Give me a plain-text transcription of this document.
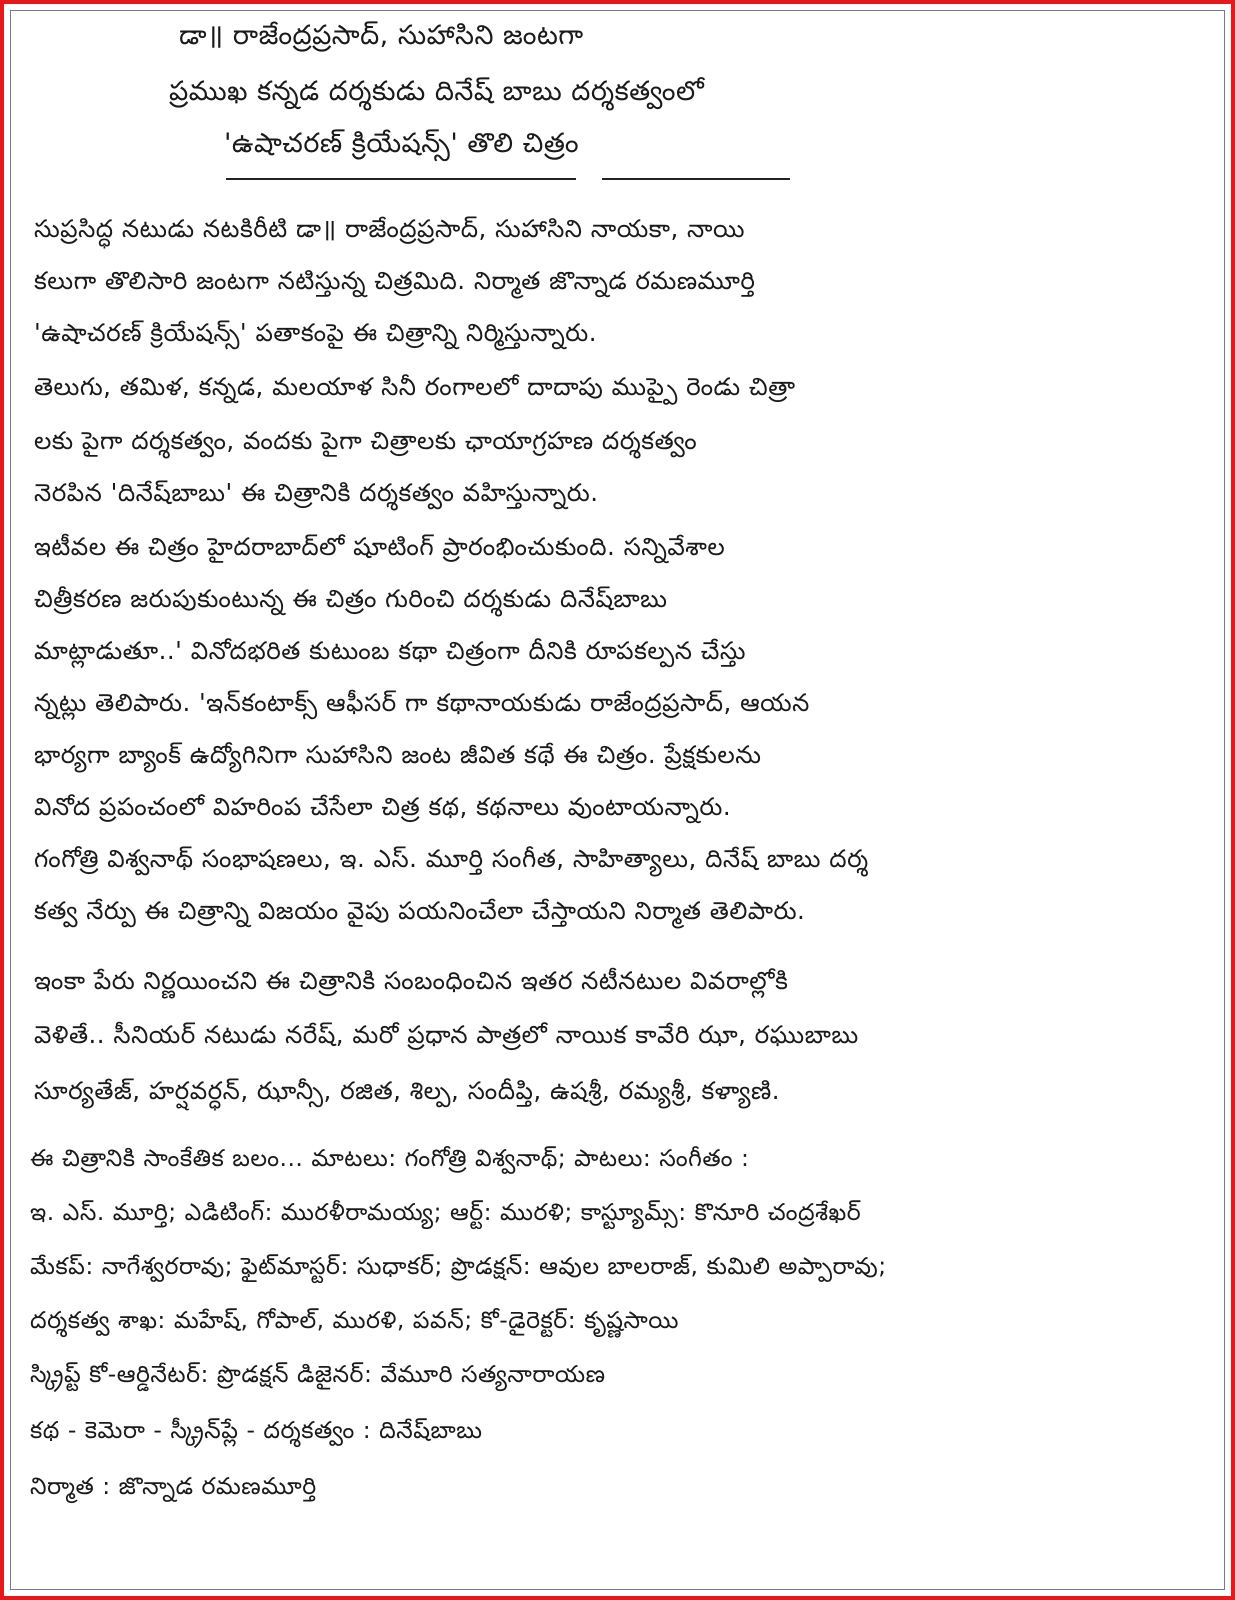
డా॥ రాజేంద్రప్రసాద్, సుహాసిని జంటగా
ప్రముఖ కన్నడ దర్శకుడు దినేష్ బాబు దర్శకత్వంలో
'ఉషాచరణ్ క్రియేషన్స్' తొలి చిత్రం
సుప్రసిద్ధ నటుడు నటకిరీటి డా॥ రాజేంద్రప్రసాద్, సుహాసిని నాయకా, నాయి
కలుగా తొలిసారి జంటగా నటిస్తున్న చిత్రమిది. నిర్మాత జొన్నాడ రమణమూర్తి
'ఉషాచరణ్ క్రియేషన్స్' పతాకంపై ఈ చిత్రాన్ని నిర్మిస్తున్నారు.
తెలుగు, తమిళ, కన్నడ, మలయాళ సినీ రంగాలలో దాదాపు ముప్పై రెండు చిత్రా
లకు పైగా దర్శకత్వం, వందకు పైగా చిత్రాలకు ఛాయాగ్రహణ దర్శకత్వం
నెరపిన 'దినేష్‌బాబు' ఈ చిత్రానికి దర్శకత్వం వహిస్తున్నారు.
ఇటీవల ఈ చిత్రం హైదరాబాద్‌లో షూటింగ్ ప్రారంభించుకుంది. సన్నివేశాల
చిత్రీకరణ జరుపుకుంటున్న ఈ చిత్రం గురించి దర్శకుడు దినేష్‌బాబు
మాట్లాడుతూ..' వినోదభరిత కుటుంబ కథా చిత్రంగా దీనికి రూపకల్పన చేస్తు
న్నట్లు తెలిపారు. 'ఇన్‌కంటాక్స్ ఆఫీసర్ గా కథానాయకుడు రాజేంద్రప్రసాద్, ఆయన
భార్యగా బ్యాంక్ ఉద్యోగినిగా సుహాసిని జంట జీవిత కథే ఈ చిత్రం. ప్రేక్షకులను
వినోద ప్రపంచంలో విహరింప చేసేలా చిత్ర కథ, కథనాలు వుంటాయన్నారు.
గంగోత్రి విశ్వనాథ్ సంభాషణలు, ఇ. ఎస్. మూర్తి సంగీత, సాహిత్యాలు, దినేష్ బాబు దర్శ
కత్వ నేర్పు ఈ చిత్రాన్ని విజయం వైపు పయనించేలా చేస్తాయని నిర్మాత తెలిపారు.
ఇంకా పేరు నిర్ణయించని ఈ చిత్రానికి సంబంధించిన ఇతర నటీనటుల వివరాల్లోకి
వెళితే.. సీనియర్ నటుడు నరేష్, మరో ప్రధాన పాత్రలో నాయిక కావేరి ఝా, రఘుబాబు
సూర్యతేజ్, హర్షవర్ధన్, ఝాన్సీ, రజిత, శిల్ప, సందీప్తి, ఉషశ్రీ, రమ్యశ్రీ, కళ్యాణి.
ఈ చిత్రానికి సాంకేతిక బలం... మాటలు: గంగోత్రి విశ్వనాథ్; పాటలు: సంగీతం :
ఇ. ఎస్. మూర్తి; ఎడిటింగ్: మురళీరామయ్య; ఆర్ట్: మురళి; కాస్ట్యూమ్స్: కొనూరి చంద్రశేఖర్
మేకప్: నాగేశ్వరరావు; ఫైట్‌మాస్టర్: సుధాకర్; ప్రొడక్షన్: ఆవుల బాలరాజ్, కుమిలి అప్పారావు;
దర్శకత్వ శాఖ: మహేష్, గోపాల్, మురళి, పవన్; కో-డైరెక్టర్: కృష్ణసాయి
స్క్రిప్ట్ కో-ఆర్డినేటర్: ప్రొడక్షన్ డిజైనర్: వేమూరి సత్యనారాయణ
కథ - కెమెరా - స్క్రీన్‌ప్లే - దర్శకత్వం : దినేష్‌బాబు
నిర్మాత : జొన్నాడ రమణమూర్తి
